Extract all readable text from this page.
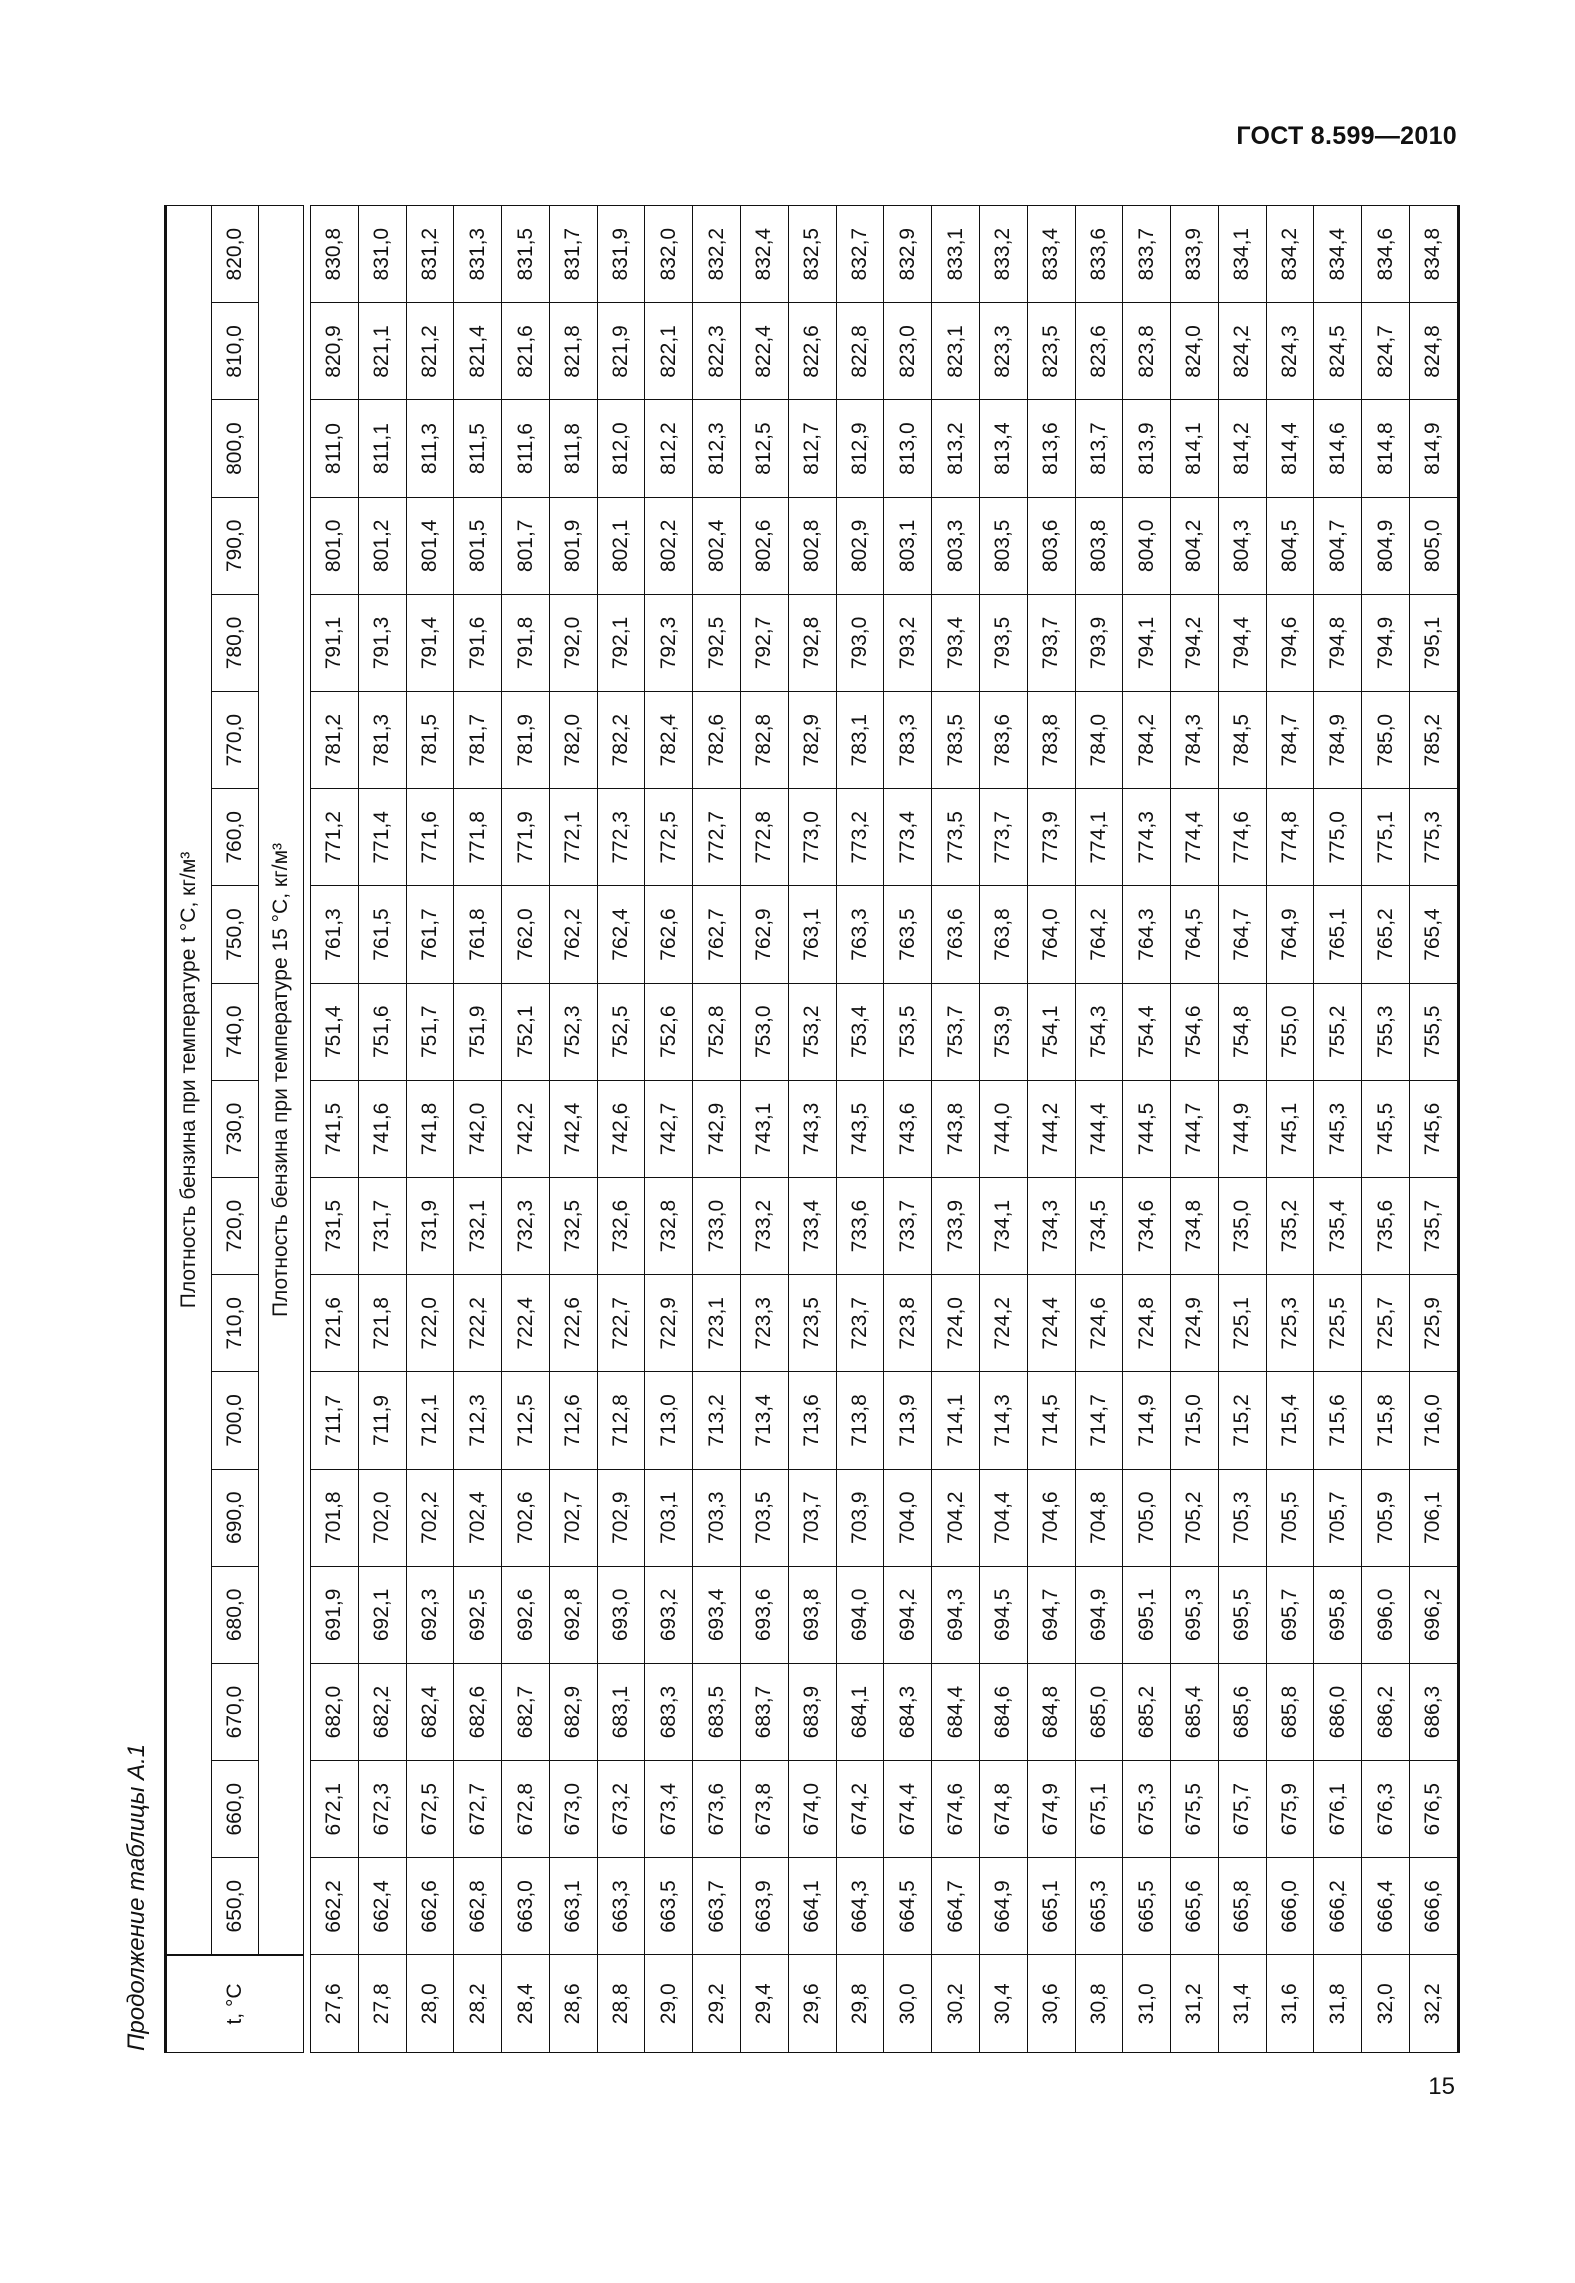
ГОСТ 8.599—2010
15
Продолжение таблицы А.1	t, °С	Плотность бензина при температуре t °С, кг/м³																	
	650,0	660,0	670,0	680,0	690,0	700,0	710,0	720,0	730,0	740,0	750,0	760,0	770,0	780,0	790,0	800,0	810,0	820,0
	Плотность бензина при температуре 15 °С, кг/м³																	

27,6	662,2	672,1	682,0	691,9	701,8	711,7	721,6	731,5	741,5	751,4	761,3	771,2	781,2	791,1	801,0	811,0	820,9	830,8
27,8	662,4	672,3	682,2	692,1	702,0	711,9	721,8	731,7	741,6	751,6	761,5	771,4	781,3	791,3	801,2	811,1	821,1	831,0
28,0	662,6	672,5	682,4	692,3	702,2	712,1	722,0	731,9	741,8	751,7	761,7	771,6	781,5	791,4	801,4	811,3	821,2	831,2
28,2	662,8	672,7	682,6	692,5	702,4	712,3	722,2	732,1	742,0	751,9	761,8	771,8	781,7	791,6	801,5	811,5	821,4	831,3
28,4	663,0	672,8	682,7	692,6	702,6	712,5	722,4	732,3	742,2	752,1	762,0	771,9	781,9	791,8	801,7	811,6	821,6	831,5
28,6	663,1	673,0	682,9	692,8	702,7	712,6	722,6	732,5	742,4	752,3	762,2	772,1	782,0	792,0	801,9	811,8	821,8	831,7
28,8	663,3	673,2	683,1	693,0	702,9	712,8	722,7	732,6	742,6	752,5	762,4	772,3	782,2	792,1	802,1	812,0	821,9	831,9
29,0	663,5	673,4	683,3	693,2	703,1	713,0	722,9	732,8	742,7	752,6	762,6	772,5	782,4	792,3	802,2	812,2	822,1	832,0
29,2	663,7	673,6	683,5	693,4	703,3	713,2	723,1	733,0	742,9	752,8	762,7	772,7	782,6	792,5	802,4	812,3	822,3	832,2
29,4	663,9	673,8	683,7	693,6	703,5	713,4	723,3	733,2	743,1	753,0	762,9	772,8	782,8	792,7	802,6	812,5	822,4	832,4
29,6	664,1	674,0	683,9	693,8	703,7	713,6	723,5	733,4	743,3	753,2	763,1	773,0	782,9	792,8	802,8	812,7	822,6	832,5
29,8	664,3	674,2	684,1	694,0	703,9	713,8	723,7	733,6	743,5	753,4	763,3	773,2	783,1	793,0	802,9	812,9	822,8	832,7
30,0	664,5	674,4	684,3	694,2	704,0	713,9	723,8	733,7	743,6	753,5	763,5	773,4	783,3	793,2	803,1	813,0	823,0	832,9
30,2	664,7	674,6	684,4	694,3	704,2	714,1	724,0	733,9	743,8	753,7	763,6	773,5	783,5	793,4	803,3	813,2	823,1	833,1
30,4	664,9	674,8	684,6	694,5	704,4	714,3	724,2	734,1	744,0	753,9	763,8	773,7	783,6	793,5	803,5	813,4	823,3	833,2
30,6	665,1	674,9	684,8	694,7	704,6	714,5	724,4	734,3	744,2	754,1	764,0	773,9	783,8	793,7	803,6	813,6	823,5	833,4
30,8	665,3	675,1	685,0	694,9	704,8	714,7	724,6	734,5	744,4	754,3	764,2	774,1	784,0	793,9	803,8	813,7	823,6	833,6
31,0	665,5	675,3	685,2	695,1	705,0	714,9	724,8	734,6	744,5	754,4	764,3	774,3	784,2	794,1	804,0	813,9	823,8	833,7
31,2	665,6	675,5	685,4	695,3	705,2	715,0	724,9	734,8	744,7	754,6	764,5	774,4	784,3	794,2	804,2	814,1	824,0	833,9
31,4	665,8	675,7	685,6	695,5	705,3	715,2	725,1	735,0	744,9	754,8	764,7	774,6	784,5	794,4	804,3	814,2	824,2	834,1
31,6	666,0	675,9	685,8	695,7	705,5	715,4	725,3	735,2	745,1	755,0	764,9	774,8	784,7	794,6	804,5	814,4	824,3	834,2
31,8	666,2	676,1	686,0	695,8	705,7	715,6	725,5	735,4	745,3	755,2	765,1	775,0	784,9	794,8	804,7	814,6	824,5	834,4
32,0	666,4	676,3	686,2	696,0	705,9	715,8	725,7	735,6	745,5	755,3	765,2	775,1	785,0	794,9	804,9	814,8	824,7	834,6
32,2	666,6	676,5	686,3	696,2	706,1	716,0	725,9	735,7	745,6	755,5	765,4	775,3	785,2	795,1	805,0	814,9	824,8	834,8
